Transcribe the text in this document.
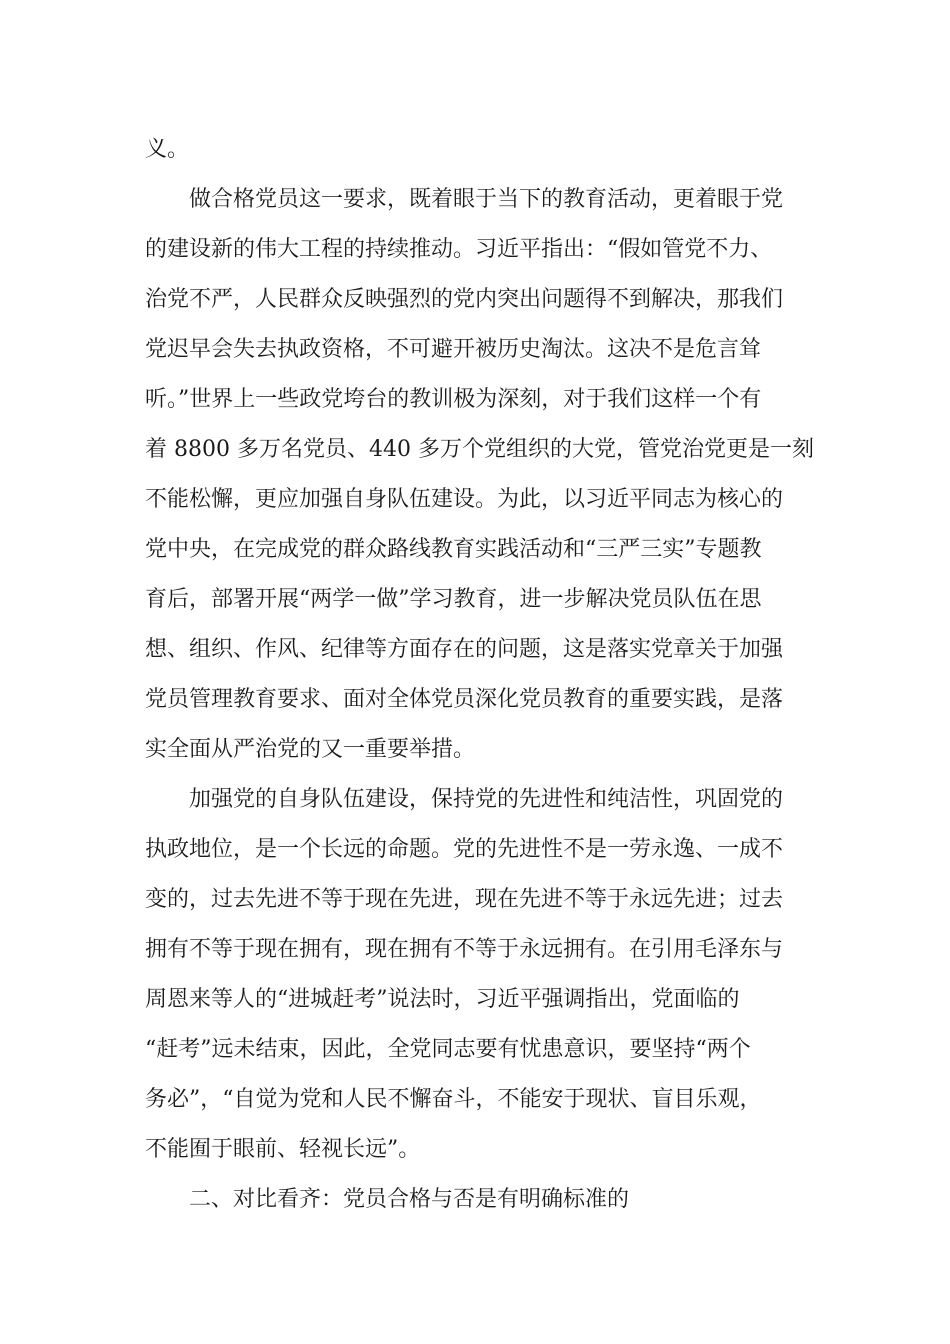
义。
做合格党员这一要求，既着眼于当下的教育活动，更着眼于党
的建设新的伟大工程的持续推动。习近平指出：“假如管党不力、
治党不严，人民群众反映强烈的党内突出问题得不到解决，那我们
党迟早会失去执政资格，不可避开被历史淘汰。这决不是危言耸
听。”世界上一些政党垮台的教训极为深刻，对于我们这样一个有
着 8800 多万名党员、440 多万个党组织的大党，管党治党更是一刻
不能松懈，更应加强自身队伍建设。为此，以习近平同志为核心的
党中央，在完成党的群众路线教育实践活动和“三严三实”专题教
育后，部署开展“两学一做”学习教育，进一步解决党员队伍在思
想、组织、作风、纪律等方面存在的问题，这是落实党章关于加强
党员管理教育要求、面对全体党员深化党员教育的重要实践，是落
实全面从严治党的又一重要举措。
加强党的自身队伍建设，保持党的先进性和纯洁性，巩固党的
执政地位，是一个长远的命题。党的先进性不是一劳永逸、一成不
变的，过去先进不等于现在先进，现在先进不等于永远先进；过去
拥有不等于现在拥有，现在拥有不等于永远拥有。在引用毛泽东与
周恩来等人的“进城赶考”说法时，习近平强调指出，党面临的
“赶考”远未结束，因此，全党同志要有忧患意识，要坚持“两个
务必”，“自觉为党和人民不懈奋斗，不能安于现状、盲目乐观，
不能囿于眼前、轻视长远”。
二、对比看齐：党员合格与否是有明确标准的
